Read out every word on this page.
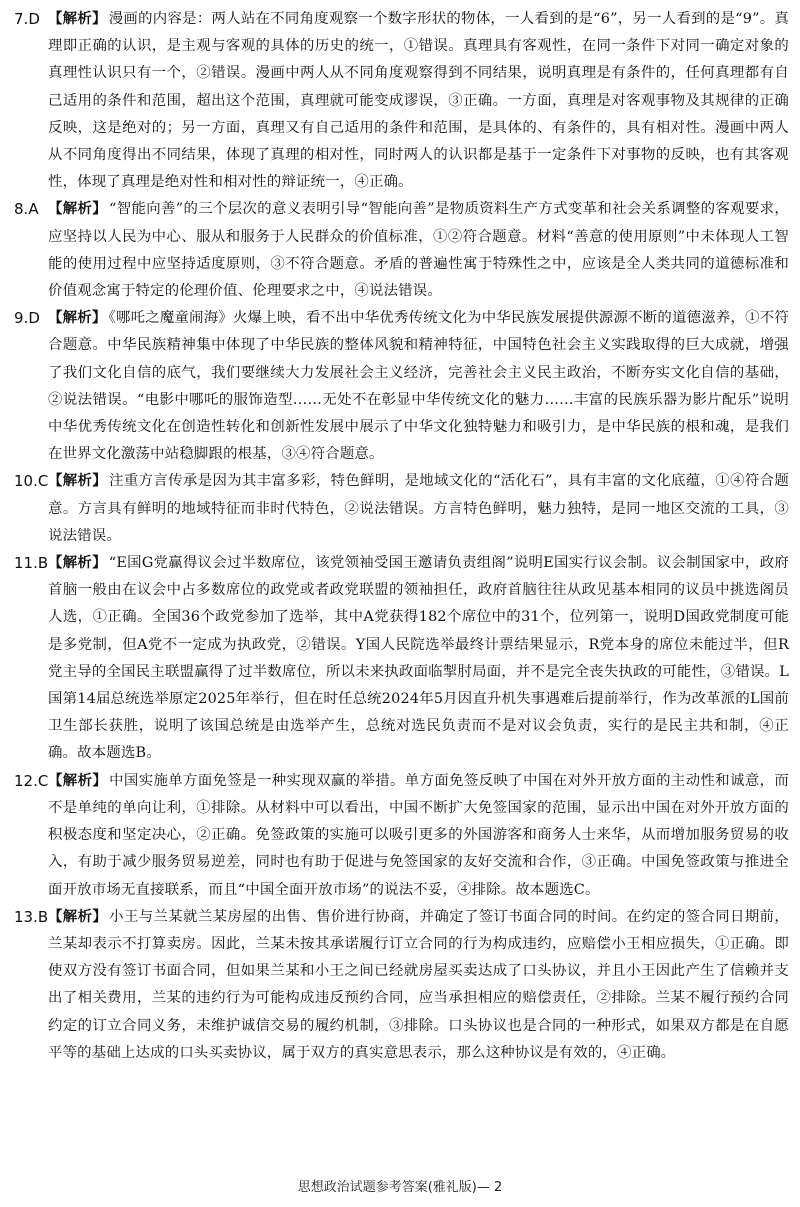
7.D 【解析】 漫画的内容是：两人站在不同角度观察一个数字形状的物体，一人看到的是“6”，另一人看到的是“9”。真理即正确的认识，是主观与客观的具体的历史的统一，①错误。真理具有客观性，在同一条件下对同一确定对象的真理性认识只有一个，②错误。漫画中两人从不同角度观察得到不同结果，说明真理是有条件的，任何真理都有自己适用的条件和范围，超出这个范围，真理就可能变成谬误，③正确。一方面，真理是对客观事物及其规律的正确反映，这是绝对的；另一方面，真理又有自己适用的条件和范围，是具体的、有条件的，具有相对性。漫画中两人从不同角度得出不同结果，体现了真理的相对性，同时两人的认识都是基于一定条件下对事物的反映，也有其客观性，体现了真理是绝对性和相对性的辩证统一，④正确。
8.A 【解析】 “智能向善”的三个层次的意义表明引导“智能向善”是物质资料生产方式变革和社会关系调整的客观要求，应坚持以人民为中心、服从和服务于人民群众的价值标准，①②符合题意。材料“善意的使用原则”中未体现人工智能的使用过程中应坚持适度原则，③不符合题意。矛盾的普遍性寓于特殊性之中，应该是全人类共同的道德标准和价值观念寓于特定的伦理价值、伦理要求之中，④说法错误。
9.D 【解析】 《哪吒之魔童闹海》火爆上映，看不出中华优秀传统文化为中华民族发展提供源源不断的道德滋养，①不符合题意。中华民族精神集中体现了中华民族的整体风貌和精神特征，中国特色社会主义实践取得的巨大成就，增强了我们文化自信的底气，我们要继续大力发展社会主义经济，完善社会主义民主政治，不断夯实文化自信的基础，②说法错误。“电影中哪吒的服饰造型……无处不在彰显中华传统文化的魅力……丰富的民族乐器为影片配乐”说明中华优秀传统文化在创造性转化和创新性发展中展示了中华文化独特魅力和吸引力，是中华民族的根和魂，是我们在世界文化激荡中站稳脚跟的根基，③④符合题意。
10.C 【解析】 注重方言传承是因为其丰富多彩，特色鲜明，是地域文化的“活化石”，具有丰富的文化底蕴，①④符合题意。方言具有鲜明的地域特征而非时代特色，②说法错误。方言特色鲜明，魅力独特，是同一地区交流的工具，③说法错误。
11.B 【解析】 “E国G党赢得议会过半数席位，该党领袖受国王邀请负责组阁”说明E国实行议会制。议会制国家中，政府首脑一般由在议会中占多数席位的政党或者政党联盟的领袖担任，政府首脑往往从政见基本相同的议员中挑选阁员人选，①正确。全国36个政党参加了选举，其中A党获得182个席位中的31个，位列第一，说明D国政党制度可能是多党制，但A党不一定成为执政党，②错误。Y国人民院选举最终计票结果显示，R党本身的席位未能过半，但R党主导的全国民主联盟赢得了过半数席位，所以未来执政面临掣肘局面，并不是完全丧失执政的可能性，③错误。L国第14届总统选举原定2025年举行，但在时任总统2024年5月因直升机失事遇难后提前举行，作为改革派的L国前卫生部长获胜，说明了该国总统是由选举产生，总统对选民负责而不是对议会负责，实行的是民主共和制，④正确。故本题选B。
12.C 【解析】 中国实施单方面免签是一种实现双赢的举措。单方面免签反映了中国在对外开放方面的主动性和诚意，而不是单纯的单向让利，①排除。从材料中可以看出，中国不断扩大免签国家的范围，显示出中国在对外开放方面的积极态度和坚定决心，②正确。免签政策的实施可以吸引更多的外国游客和商务人士来华，从而增加服务贸易的收入，有助于减少服务贸易逆差，同时也有助于促进与免签国家的友好交流和合作，③正确。中国免签政策与推进全面开放市场无直接联系，而且“中国全面开放市场”的说法不妥，④排除。故本题选C。
13.B 【解析】 小王与兰某就兰某房屋的出售、售价进行协商，并确定了签订书面合同的时间。在约定的签合同日期前，兰某却表示不打算卖房。因此，兰某未按其承诺履行订立合同的行为构成违约，应赔偿小王相应损失，①正确。即使双方没有签订书面合同，但如果兰某和小王之间已经就房屋买卖达成了口头协议，并且小王因此产生了信赖并支出了相关费用，兰某的违约行为可能构成违反预约合同，应当承担相应的赔偿责任，②排除。兰某不履行预约合同约定的订立合同义务，未维护诚信交易的履约机制，③排除。口头协议也是合同的一种形式，如果双方都是在自愿平等的基础上达成的口头买卖协议，属于双方的真实意思表示，那么这种协议是有效的，④正确。
思想政治试题参考答案(雅礼版)— 2
